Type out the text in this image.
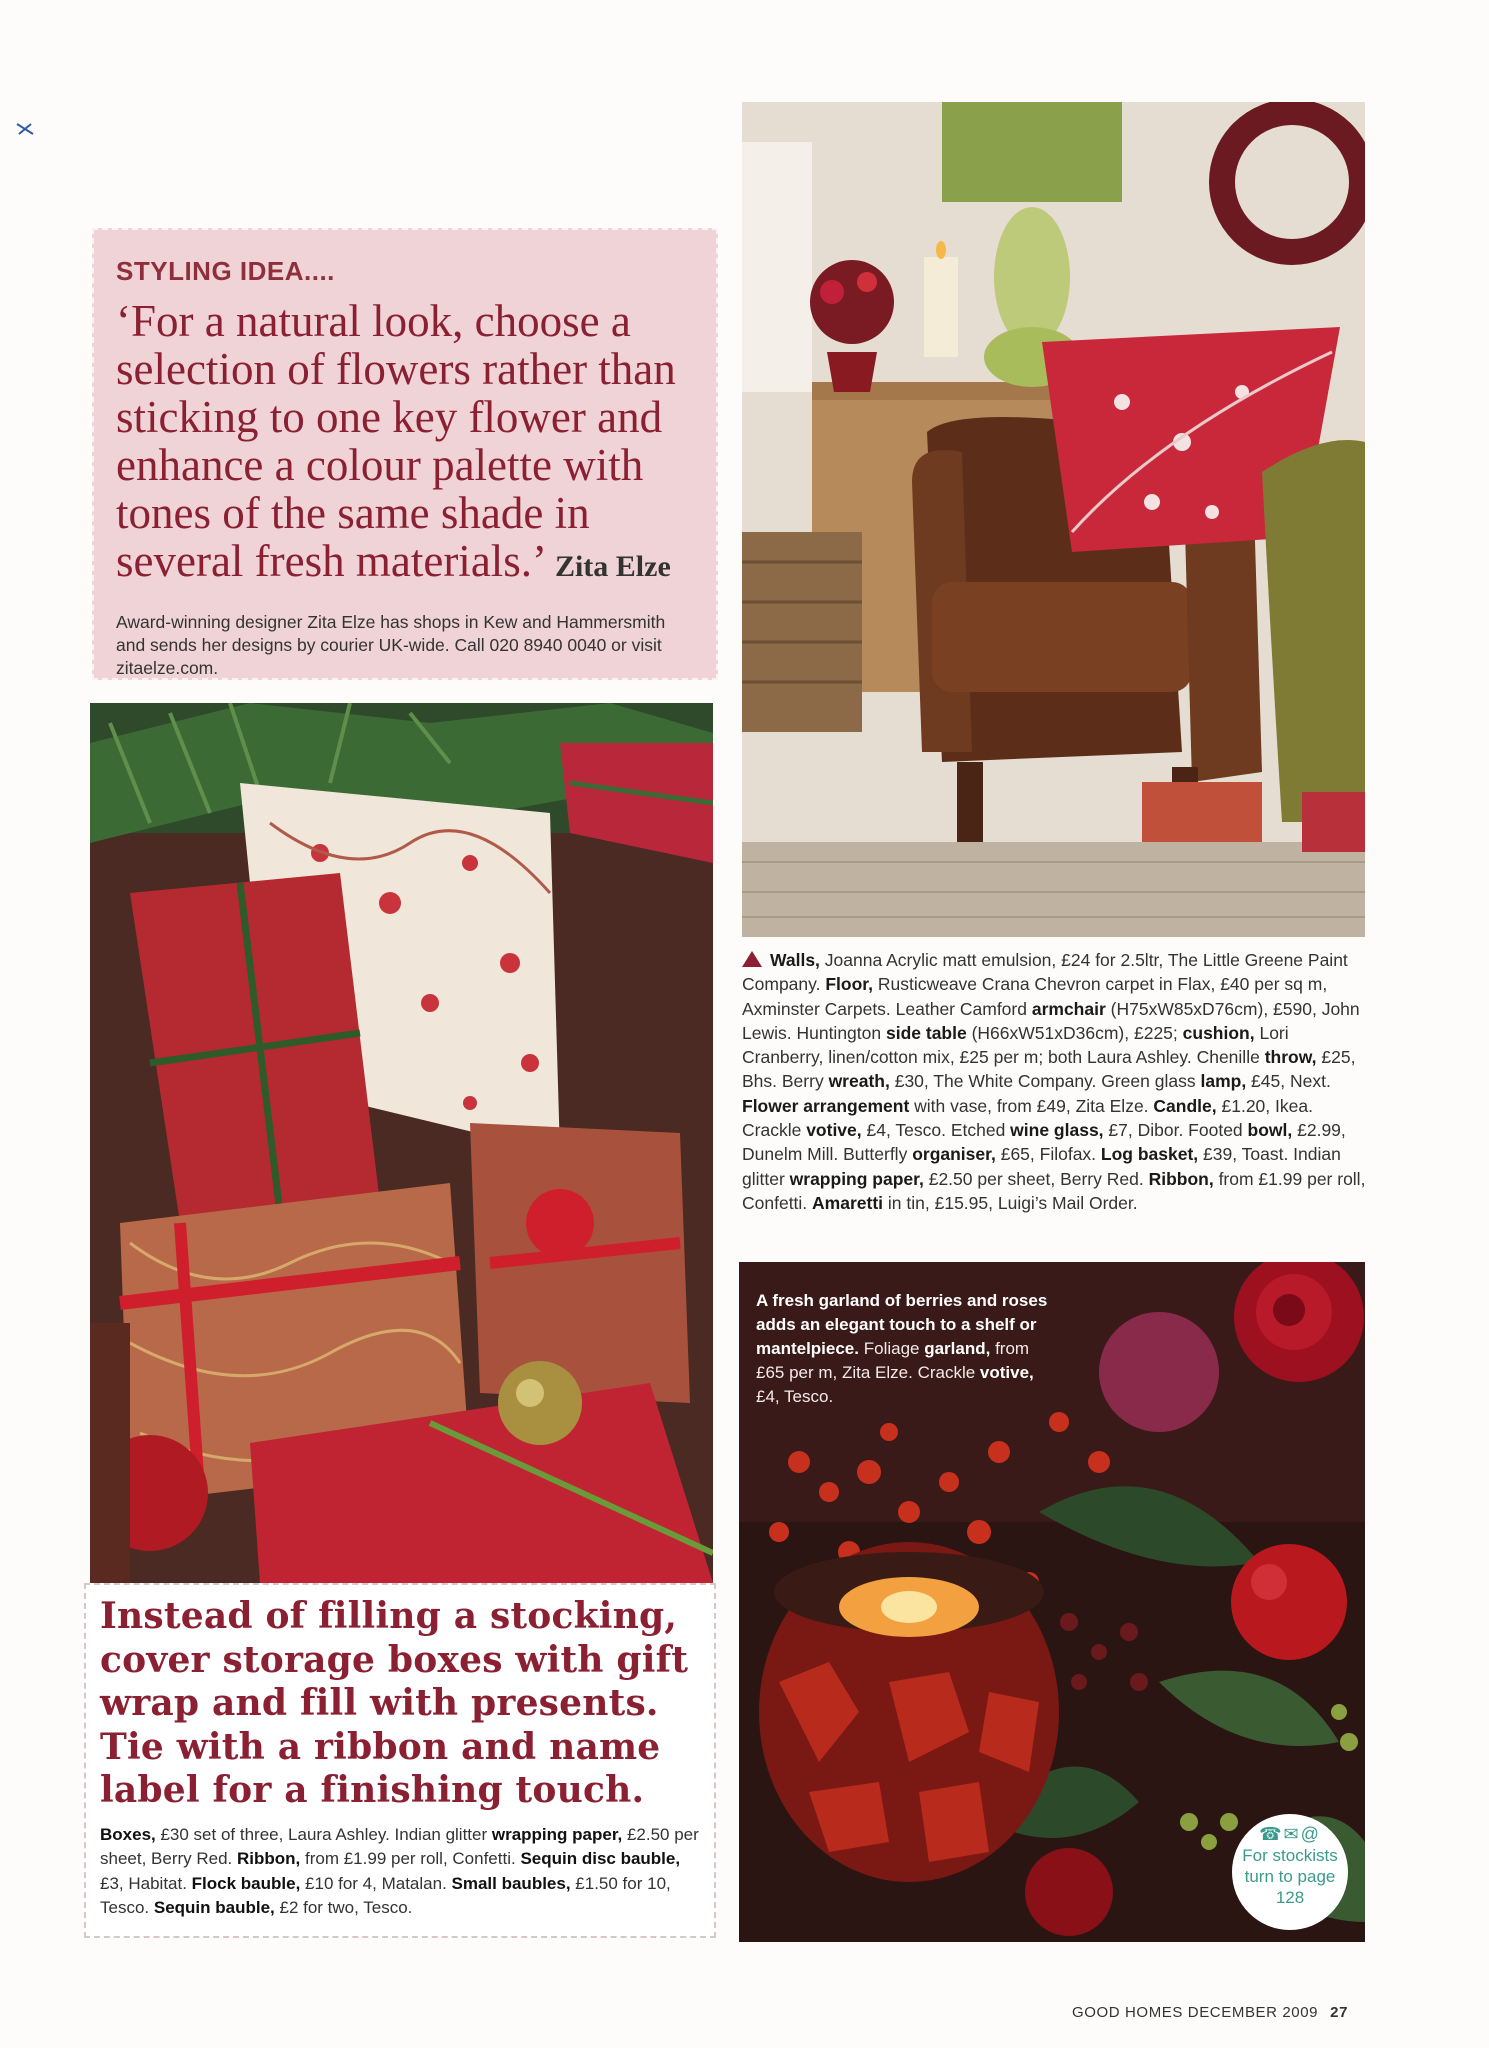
STYLING IDEA....
‘For a natural look, choose a selection of flowers rather than sticking to one key flower and enhance a colour palette with tones of the same shade in several fresh materials.’ Zita Elze
Award-winning designer Zita Elze has shops in Kew and Hammersmith and sends her designs by courier UK-wide. Call 020 8940 0040 or visit zitaelze.com.
Walls, Joanna Acrylic matt emulsion, £24 for 2.5ltr, The Little Greene Paint Company. Floor, Rusticweave Crana Chevron carpet in Flax, £40 per sq m, Axminster Carpets. Leather Camford armchair (H75xW85xD76cm), £590, John Lewis. Huntington side table (H66xW51xD36cm), £225; cushion, Lori Cranberry, linen/cotton mix, £25 per m; both Laura Ashley. Chenille throw, £25, Bhs. Berry wreath, £30, The White Company. Green glass lamp, £45, Next. Flower arrangement with vase, from £49, Zita Elze. Candle, £1.20, Ikea. Crackle votive, £4, Tesco. Etched wine glass, £7, Dibor. Footed bowl, £2.99, Dunelm Mill. Butterfly organiser, £65, Filofax. Log basket, £39, Toast. Indian glitter wrapping paper, £2.50 per sheet, Berry Red. Ribbon, from £1.99 per roll, Confetti. Amaretti in tin, £15.95, Luigi’s Mail Order.
Instead of filling a stocking, cover storage boxes with gift wrap and fill with presents. Tie with a ribbon and name label for a finishing touch.
Boxes, £30 set of three, Laura Ashley. Indian glitter wrapping paper, £2.50 per sheet, Berry Red. Ribbon, from £1.99 per roll, Confetti. Sequin disc bauble, £3, Habitat. Flock bauble, £10 for 4, Matalan. Small baubles, £1.50 for 10, Tesco. Sequin bauble, £2 for two, Tesco.
A fresh garland of berries and roses adds an elegant touch to a shelf or mantelpiece. Foliage garland, from £65 per m, Zita Elze. Crackle votive, £4, Tesco.
☎✉@
For stockists turn to page 128
GOOD HOMES DECEMBER 2009 27
